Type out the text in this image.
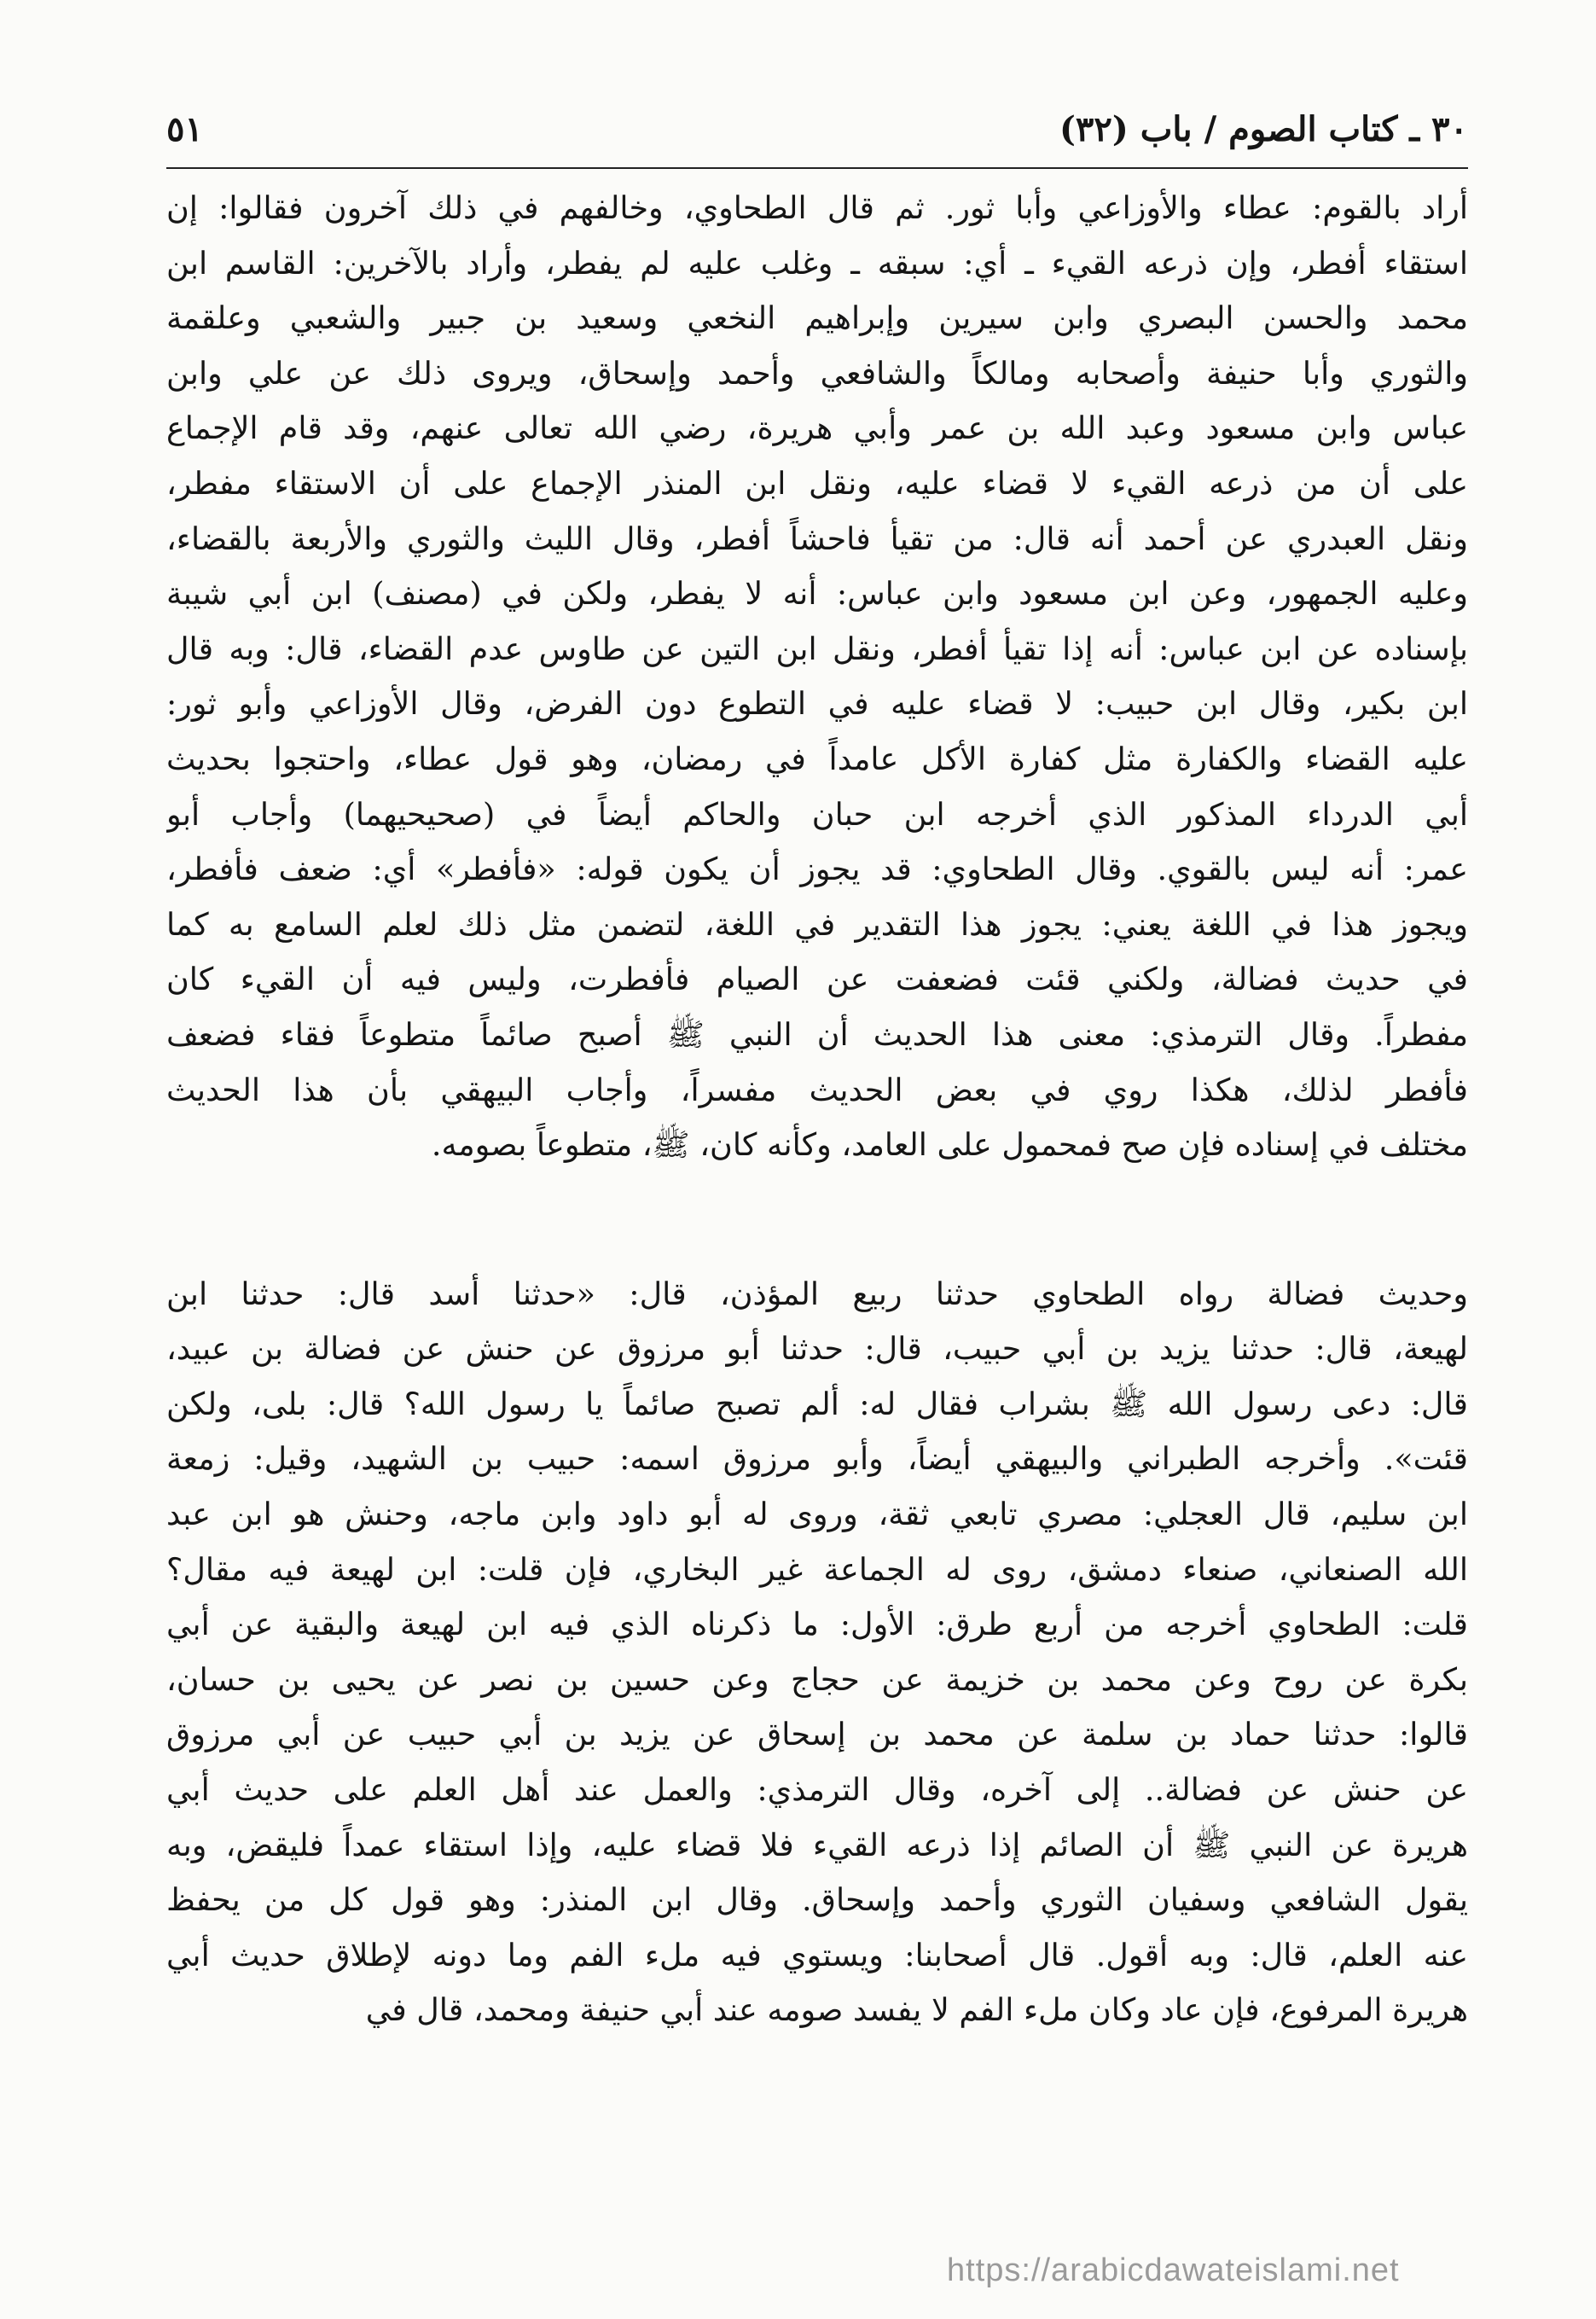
٣٠ ـ كتاب الصوم / باب (٣٢)
٥١
أراد بالقوم: عطاء والأوزاعي وأبا ثور. ثم قال الطحاوي، وخالفهم في ذلك آخرون فقالوا: إن
استقاء أفطر، وإن ذرعه القيء ـ أي: سبقه ـ وغلب عليه لم يفطر، وأراد بالآخرين: القاسم ابن
محمد والحسن البصري وابن سيرين وإبراهيم النخعي وسعيد بن جبير والشعبي وعلقمة
والثوري وأبا حنيفة وأصحابه ومالكاً والشافعي وأحمد وإسحاق، ويروى ذلك عن علي وابن
عباس وابن مسعود وعبد الله بن عمر وأبي هريرة، رضي الله تعالى عنهم، وقد قام الإجماع
على أن من ذرعه القيء لا قضاء عليه، ونقل ابن المنذر الإجماع على أن الاستقاء مفطر،
ونقل العبدري عن أحمد أنه قال: من تقيأ فاحشاً أفطر، وقال الليث والثوري والأربعة بالقضاء،
وعليه الجمهور، وعن ابن مسعود وابن عباس: أنه لا يفطر، ولكن في (مصنف) ابن أبي شيبة
بإسناده عن ابن عباس: أنه إذا تقيأ أفطر، ونقل ابن التين عن طاوس عدم القضاء، قال: وبه قال
ابن بكير، وقال ابن حبيب: لا قضاء عليه في التطوع دون الفرض، وقال الأوزاعي وأبو ثور:
عليه القضاء والكفارة مثل كفارة الأكل عامداً في رمضان، وهو قول عطاء، واحتجوا بحديث
أبي الدرداء المذكور الذي أخرجه ابن حبان والحاكم أيضاً في (صحيحيهما) وأجاب أبو
عمر: أنه ليس بالقوي. وقال الطحاوي: قد يجوز أن يكون قوله: «فأفطر» أي: ضعف فأفطر،
ويجوز هذا في اللغة يعني: يجوز هذا التقدير في اللغة، لتضمن مثل ذلك لعلم السامع به كما
في حديث فضالة، ولكني قئت فضعفت عن الصيام فأفطرت، وليس فيه أن القيء كان
مفطراً. وقال الترمذي: معنى هذا الحديث أن النبي ﷺ أصبح صائماً متطوعاً فقاء فضعف
فأفطر لذلك، هكذا روي في بعض الحديث مفسراً، وأجاب البيهقي بأن هذا الحديث
مختلف في إسناده فإن صح فمحمول على العامد، وكأنه كان، ﷺ، متطوعاً بصومه.
وحديث فضالة رواه الطحاوي حدثنا ربيع المؤذن، قال: «حدثنا أسد قال: حدثنا ابن
لهيعة، قال: حدثنا يزيد بن أبي حبيب، قال: حدثنا أبو مرزوق عن حنش عن فضالة بن عبيد،
قال: دعى رسول الله ﷺ بشراب فقال له: ألم تصبح صائماً يا رسول الله؟ قال: بلى، ولكن
قئت». وأخرجه الطبراني والبيهقي أيضاً، وأبو مرزوق اسمه: حبيب بن الشهيد، وقيل: زمعة
ابن سليم، قال العجلي: مصري تابعي ثقة، وروى له أبو داود وابن ماجه، وحنش هو ابن عبد
الله الصنعاني، صنعاء دمشق، روى له الجماعة غير البخاري، فإن قلت: ابن لهيعة فيه مقال؟
قلت: الطحاوي أخرجه من أربع طرق: الأول: ما ذكرناه الذي فيه ابن لهيعة والبقية عن أبي
بكرة عن روح وعن محمد بن خزيمة عن حجاج وعن حسين بن نصر عن يحيى بن حسان،
قالوا: حدثنا حماد بن سلمة عن محمد بن إسحاق عن يزيد بن أبي حبيب عن أبي مرزوق
عن حنش عن فضالة.. إلى آخره، وقال الترمذي: والعمل عند أهل العلم على حديث أبي
هريرة عن النبي ﷺ أن الصائم إذا ذرعه القيء فلا قضاء عليه، وإذا استقاء عمداً فليقض، وبه
يقول الشافعي وسفيان الثوري وأحمد وإسحاق. وقال ابن المنذر: وهو قول كل من يحفظ
عنه العلم، قال: وبه أقول. قال أصحابنا: ويستوي فيه ملء الفم وما دونه لإطلاق حديث أبي
هريرة المرفوع، فإن عاد وكان ملء الفم لا يفسد صومه عند أبي حنيفة ومحمد، قال في
https://arabicdawateislami.net
